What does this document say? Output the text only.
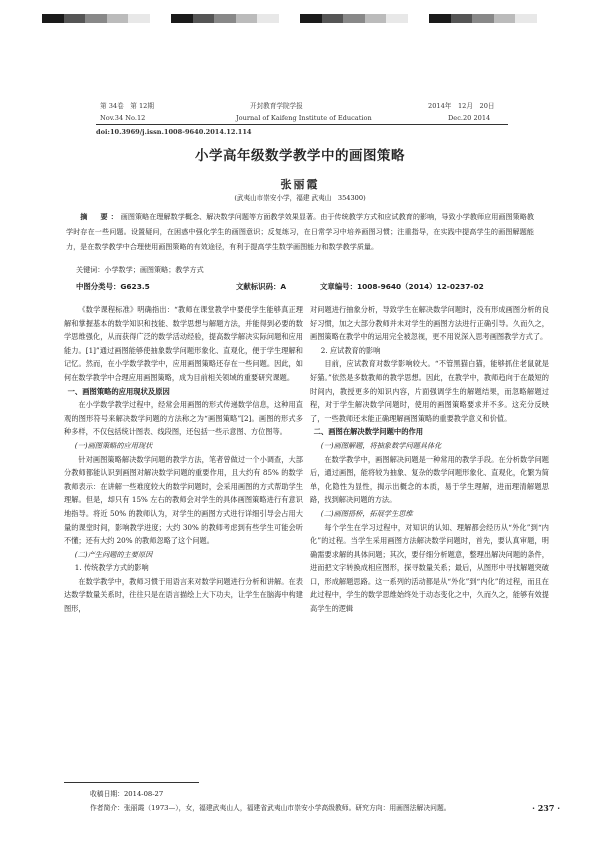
第 34卷　第 12期	开封教育学院学报	2014年　12月　20日
Nov.34 No.12	Journal of Kaifeng Institute of Education	Dec.20 2014
doi:10.3969/j.issn.1008-9640.2014.12.114
小学高年级数学教学中的画图策略
张丽霞
(武夷山市崇安小学，福建 武夷山　354300)
摘　要：画图策略在理解数学概念、解决数学问题等方面教学效果显著。由于传统教学方式和应试教育的影响，导致小学教师应用画图策略教学时存在一些问题。设置疑问，在困惑中强化学生的画图意识；反复练习，在日常学习中培养画图习惯；注重指导，在实践中提高学生的画图解题能力，是在数学教学中合理使用画图策略的有效途径，有利于提高学生数学画图能力和数学教学质量。
关键词：小学数学；画图策略；教学方式
中图分类号：G623.5	文献标识码：A	文章编号：1008-9640（2014）12-0237-02

《数学课程标准》明确指出：“教师在课堂教学中要使学生能够真正理解和掌握基本的数学知识和技能、数学思想与解题方法，并能得到必要的数学思维强化，从而获得广泛的数学活动经验，提高数学解决实际问题和应用能力。[1]”通过画图能够使抽象数学问题形象化、直观化，便于学生理解和记忆。然而，在小学数学教学中，应用画图策略还存在一些问题。因此，如何在数学教学中合理应用画图策略，成为目前相关领域的重要研究课题。

一、画图策略的应用现状及原因

在小学数学教学过程中，经常会用画图的形式传递数学信息，这种用直观的图形符号来解决数学问题的方法称之为“画图策略”[2]。画图的形式多种多样，不仅包括统计图表、线段图，还包括一些示意图、方位图等。

(一)画图策略的应用现状

针对画图策略解决数学问题的教学方法，笔者曾做过一个小调查，大部分教师都能认识到画图对解决数学问题的重要作用，且大约有 85% 的数学教师表示：在讲解一些难度较大的数学问题时，会采用画图的方式帮助学生理解。但是，却只有 15% 左右的教师会对学生的具体画图策略进行有意识地指导。将近 50% 的教师认为，对学生的画图方式进行详细引导会占用大量的课堂时间，影响教学进度；大约 30% 的教师考虑到有些学生可能会听不懂；还有大约 20% 的教师忽略了这个问题。

(二)产生问题的主要原因

1. 传统教学方式的影响

在数学教学中，教师习惯于用语言来对数学问题进行分析和讲解。在表达数学数量关系时，往往只是在语言描绘上大下功夫，让学生在脑海中构建图形，

对问题进行抽象分析，导致学生在解决数学问题时，没有形成画图分析的良好习惯，加之大部分教师并未对学生的画图方法进行正确引导。久而久之，画图策略在教学中的运用完全被忽视，更不用说深入思考画图教学方式了。

2. 应试教育的影响

目前，应试教育对数学影响较大。“不管黑猫白猫，能够抓住老鼠就是好猫。”依然是多数教师的教学思想。因此，在教学中，教师趋向于在最短的时间内，教授更多的知识内容，片面强调学生的解题结果，而忽略解题过程，对于学生解决数学问题时，使用的画图策略要求并不多。这充分反映了，一些教师还未能正确理解画图策略的重要教学意义和价值。

二、画图在解决数学问题中的作用

(一)画图解题，将抽象数学问题具体化

在数学教学中，画图解决问题是一种常用的教学手段。在分析数学问题后，通过画图，能将较为抽象、复杂的数学问题形象化、直观化，化繁为简单，化隐性为显性，揭示出概念的本质，易于学生理解，进而理清解题思路，找到解决问题的方法。

(二)画图搭桥，拓展学生思维

每个学生在学习过程中，对知识的认知、理解都会经历从“外化”到“内化”的过程。当学生采用画图方法解决数学问题时，首先，要认真审题，明确需要求解的具体问题；其次，要仔细分析题意，整理出解决问题的条件，进而把文字转换成相应图形，探寻数量关系；最后，从图形中寻找解题突破口，形成解题思路。这一系列的活动都是从“外化”到“内化”的过程，而且在此过程中，学生的数学思维始终处于动态变化之中，久而久之，能够有效提高学生的逻辑

收稿日期：2014-08-27
作者简介：张丽霞（1973—），女，福建武夷山人，福建省武夷山市崇安小学高级教师。研究方向：用画图法解决问题。	· 237 ·
